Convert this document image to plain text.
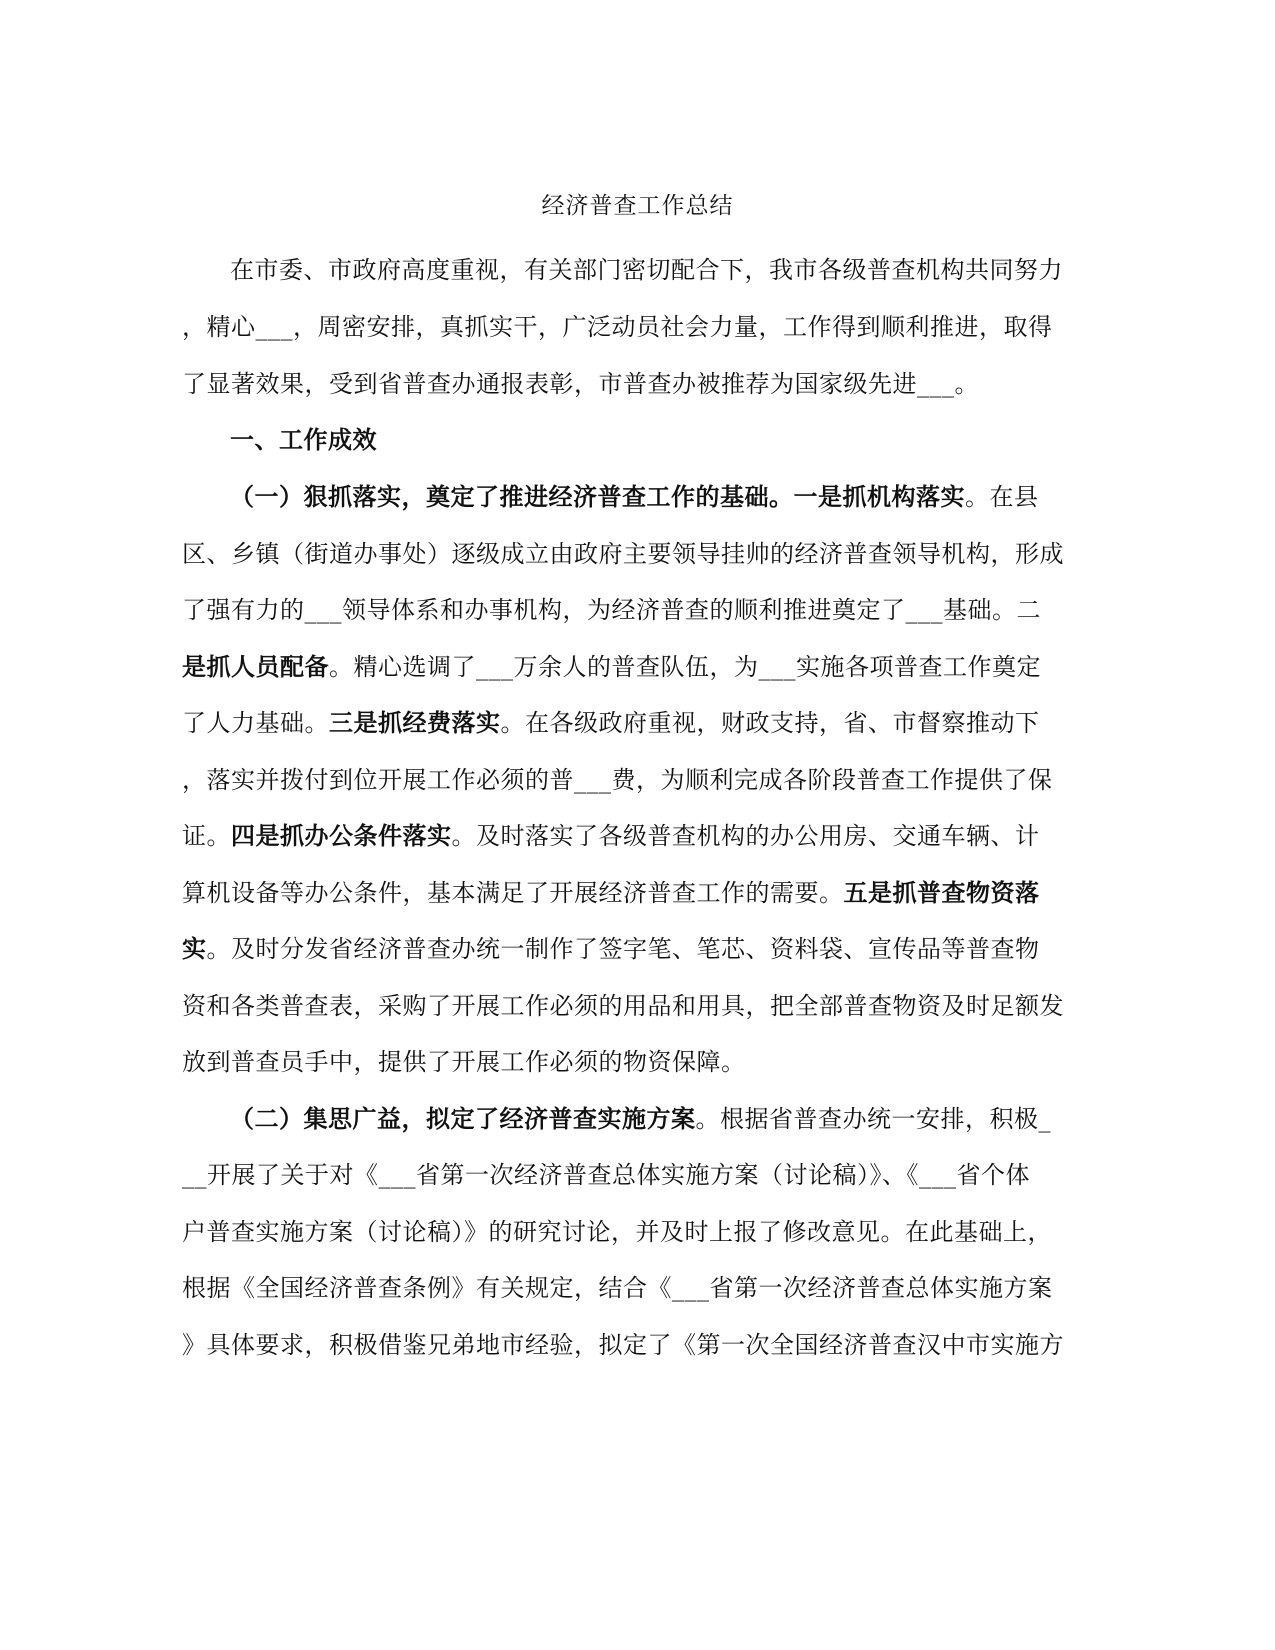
经济普查工作总结
在市委、市政府高度重视，有关部门密切配合下，我市各级普查机构共同努力
，精心___，周密安排，真抓实干，广泛动员社会力量，工作得到顺利推进，取得
了显著效果，受到省普查办通报表彰，市普查办被推荐为国家级先进___。
一、工作成效
（一）狠抓落实，奠定了推进经济普查工作的基础。一是抓机构落实。在县
区、乡镇（街道办事处）逐级成立由政府主要领导挂帅的经济普查领导机构，形成
了强有力的___领导体系和办事机构，为经济普查的顺利推进奠定了___基础。二
是抓人员配备。精心选调了___万余人的普查队伍，为___实施各项普查工作奠定
了人力基础。三是抓经费落实。在各级政府重视，财政支持，省、市督察推动下
，落实并拨付到位开展工作必须的普___费，为顺利完成各阶段普查工作提供了保
证。四是抓办公条件落实。及时落实了各级普查机构的办公用房、交通车辆、计
算机设备等办公条件，基本满足了开展经济普查工作的需要。五是抓普查物资落
实。及时分发省经济普查办统一制作了签字笔、笔芯、资料袋、宣传品等普查物
资和各类普查表，采购了开展工作必须的用品和用具，把全部普查物资及时足额发
放到普查员手中，提供了开展工作必须的物资保障。
（二）集思广益，拟定了经济普查实施方案。根据省普查办统一安排，积极_
__开展了关于对《___省第一次经济普查总体实施方案（讨论稿）》、《___省个体
户普查实施方案（讨论稿）》的研究讨论，并及时上报了修改意见。在此基础上，
根据《全国经济普查条例》有关规定，结合《___省第一次经济普查总体实施方案
》具体要求，积极借鉴兄弟地市经验，拟定了《第一次全国经济普查汉中市实施方
